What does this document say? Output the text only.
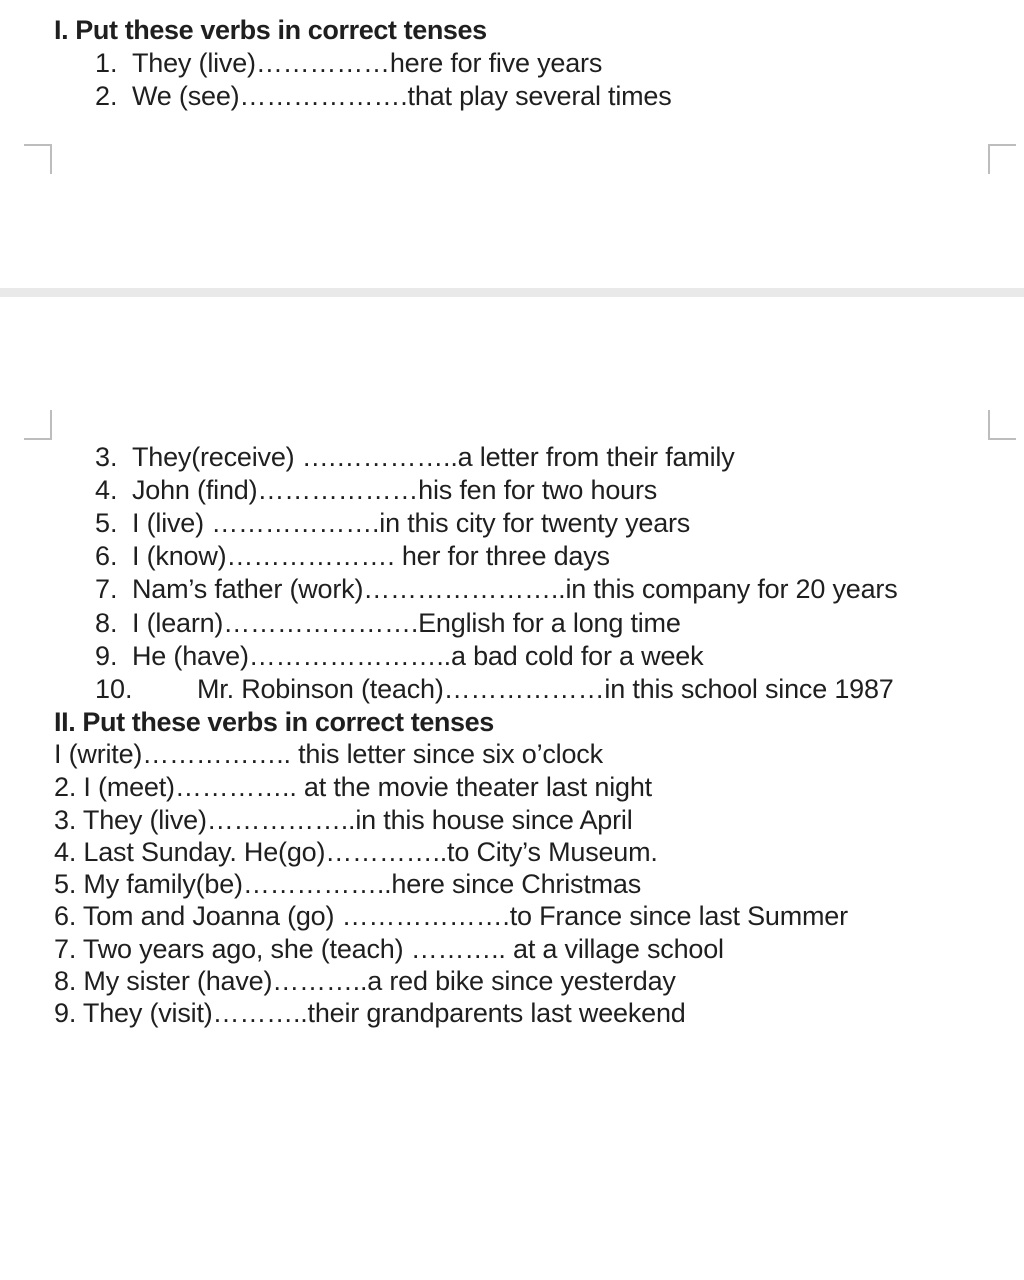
I. Put these verbs in correct tenses
1. They (live)……………here for five years
2. We (see)……………….that play several times
3. They(receive) ….…………..a letter from their family
4. John (find)………………his fen for two hours
5. I (live) ……………….in this city for twenty years
6. I (know)………………. her for three days
7. Nam’s father (work)…………………..in this company for 20 years
8. I (learn)………………….English for a long time
9. He (have)…………………..a bad cold for a week
10. Mr. Robinson (teach)………………in this school since 1987
II. Put these verbs in correct tenses
I (write)…………….. this letter since six o’clock
2. I (meet)………….. at the movie theater last night
3. They (live)……………..in this house since April
4. Last Sunday. He(go)…………..to City’s Museum.
5. My family(be)……………..here since Christmas
6. Tom and Joanna (go) ……………….to France since last Summer
7. Two years ago, she (teach) ……….. at a village school
8. My sister (have)………..a red bike since yesterday
9. They (visit)………..their grandparents last weekend
